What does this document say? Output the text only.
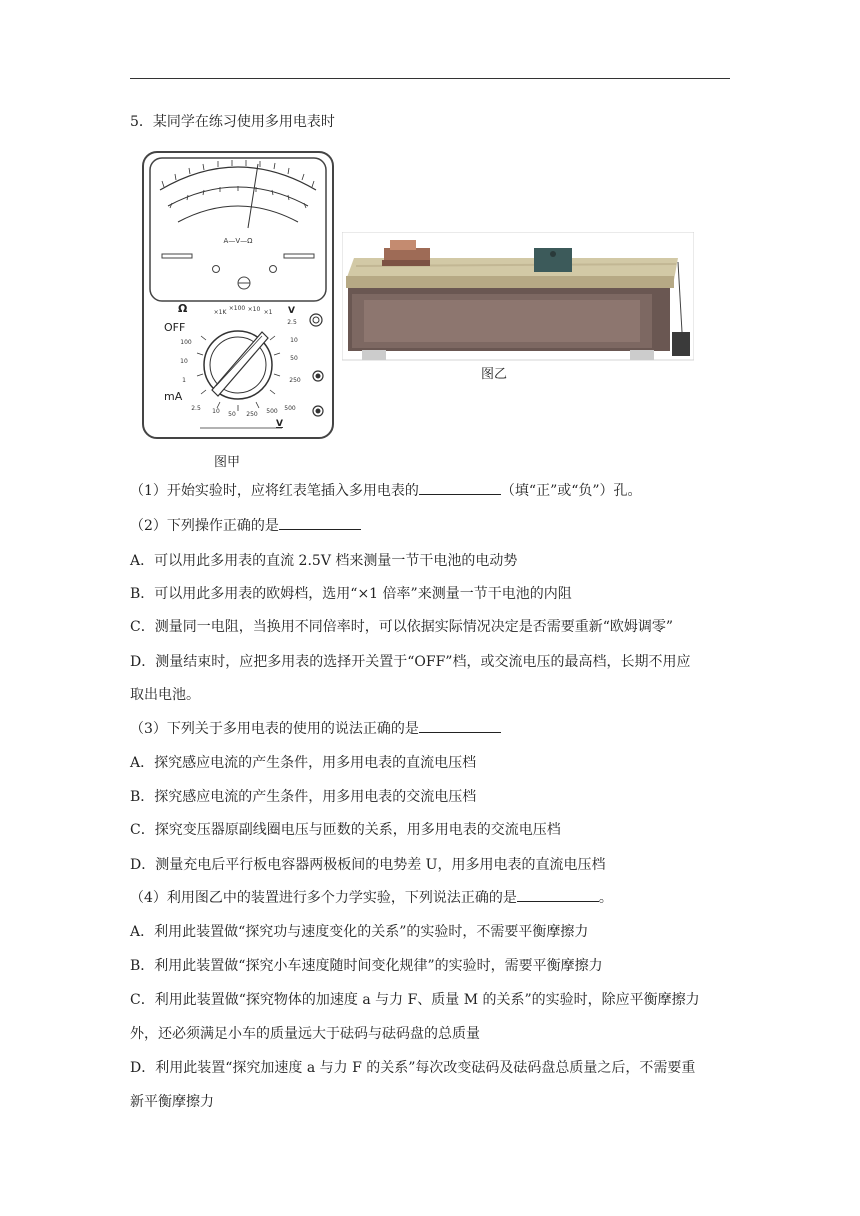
5．某同学在练习使用多用电表时
A—V—Ω
Ω
OFF
mA
V
V
×1K
×100 ×10 ×1
2.5
10
50
250
500
100
10
1
2.5 10 50 250 500
图甲
图乙
（1）开始实验时，应将红表笔插入多用电表的	（填“正”或“负”）孔。
（2）下列操作正确的是
A．可以用此多用表的直流 2.5V 档来测量一节干电池的电动势
B．可以用此多用表的欧姆档，选用“×1 倍率”来测量一节干电池的内阻
C．测量同一电阻，当换用不同倍率时，可以依据实际情况决定是否需要重新“欧姆调零”
D．测量结束时，应把多用表的选择开关置于“OFF”档，或交流电压的最高档，长期不用应
取出电池。
（3）下列关于多用电表的使用的说法正确的是
A．探究感应电流的产生条件，用多用电表的直流电压档
B．探究感应电流的产生条件，用多用电表的交流电压档
C．探究变压器原副线圈电压与匝数的关系，用多用电表的交流电压档
D．测量充电后平行板电容器两极板间的电势差 U，用多用电表的直流电压档
（4）利用图乙中的装置进行多个力学实验，下列说法正确的是	。
A．利用此装置做“探究功与速度变化的关系”的实验时，不需要平衡摩擦力
B．利用此装置做“探究小车速度随时间变化规律”的实验时，需要平衡摩擦力
C．利用此装置做“探究物体的加速度 a 与力 F、质量 M 的关系”的实验时，除应平衡摩擦力
外，还必须满足小车的质量远大于砝码与砝码盘的总质量
D．利用此装置“探究加速度 a 与力 F 的关系”每次改变砝码及砝码盘总质量之后，不需要重
新平衡摩擦力
